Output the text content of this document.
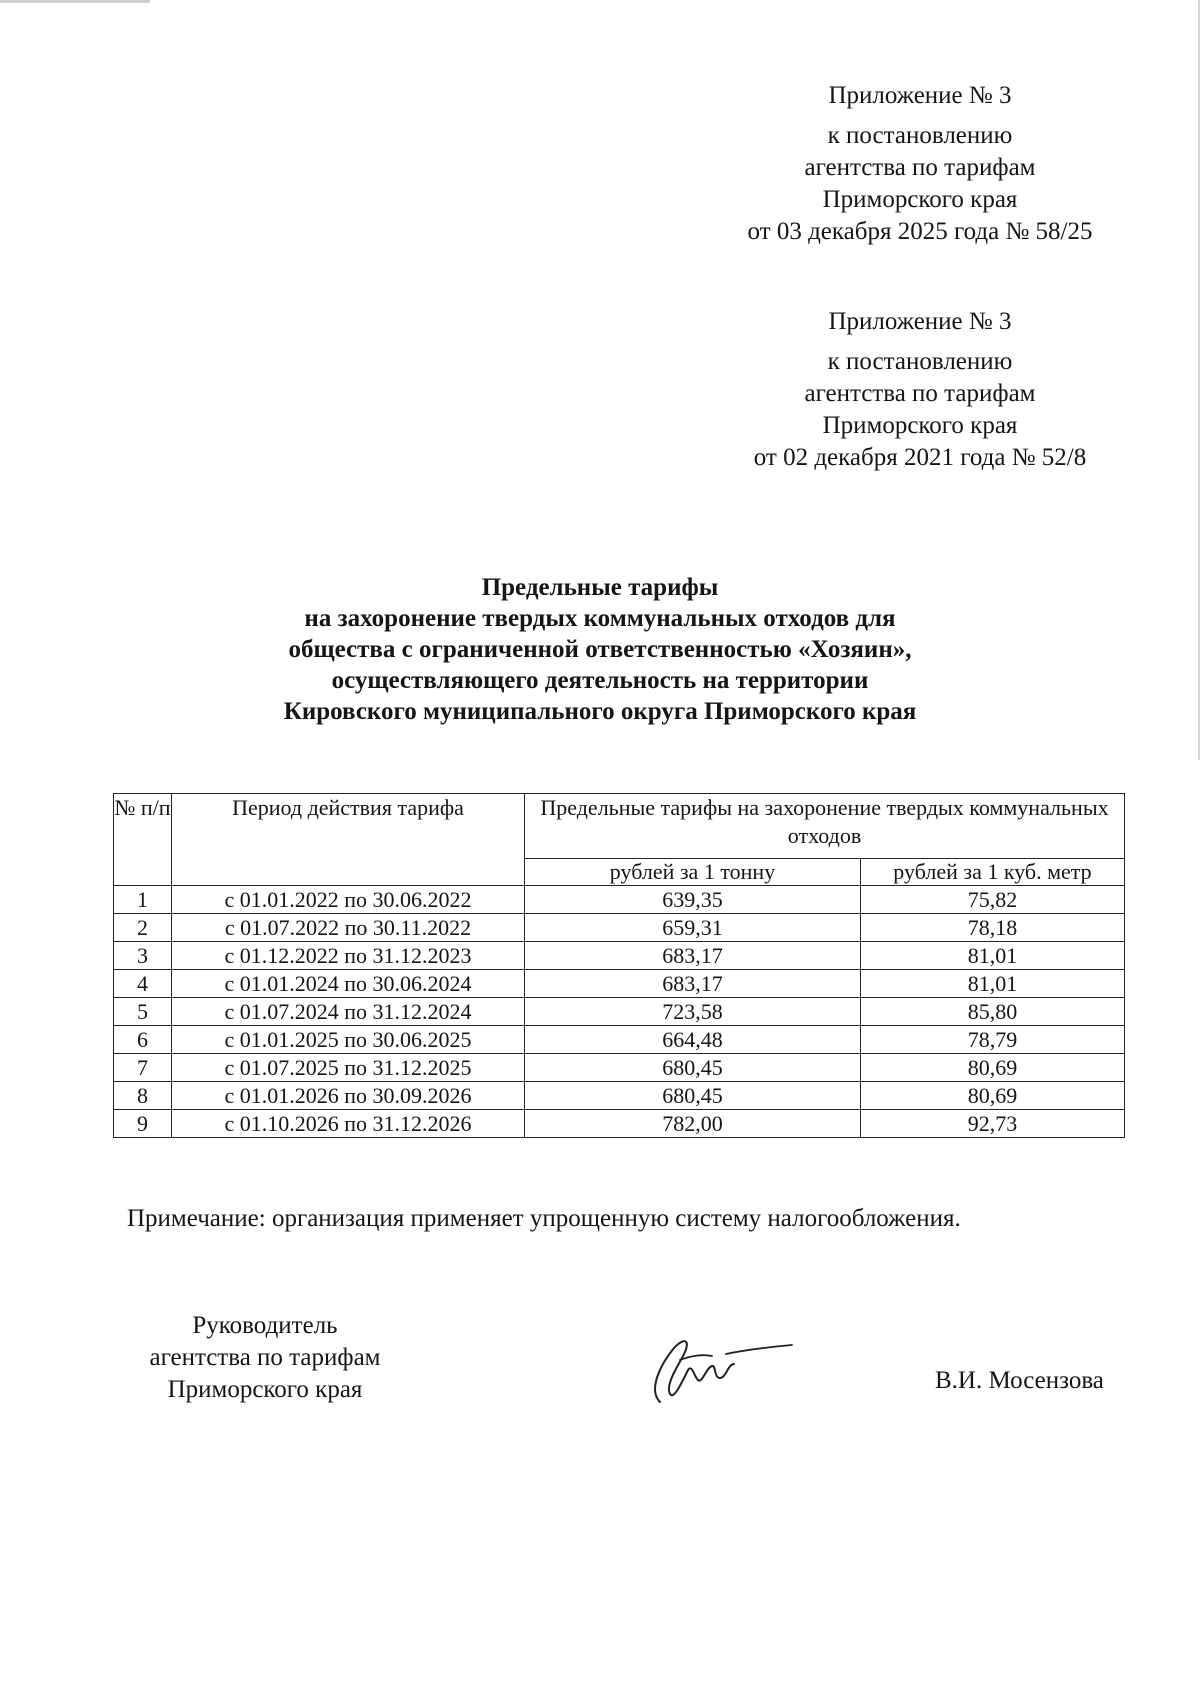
Приложение № 3
к постановлению
агентства по тарифам
Приморского края
от 03 декабря 2025 года № 58/25
Приложение № 3
к постановлению
агентства по тарифам
Приморского края
от 02 декабря 2021 года № 52/8
Предельные тарифы
на захоронение твердых коммунальных отходов для
общества с ограниченной ответственностью «Хозяин»,
осуществляющего деятельность на территории
Кировского муниципального округа Приморского края
№ п/п	Период действия тарифа	Предельные тарифы на захоронение твердых коммунальных отходов	
		рублей за 1 тонну	рублей за 1 куб. метр
1	с 01.01.2022 по 30.06.2022	639,35	75,82
2	с 01.07.2022 по 30.11.2022	659,31	78,18
3	с 01.12.2022 по 31.12.2023	683,17	81,01
4	с 01.01.2024 по 30.06.2024	683,17	81,01
5	с 01.07.2024 по 31.12.2024	723,58	85,80
6	с 01.01.2025 по 30.06.2025	664,48	78,79
7	с 01.07.2025 по 31.12.2025	680,45	80,69
8	с 01.01.2026 по 30.09.2026	680,45	80,69
9	с 01.10.2026 по 31.12.2026	782,00	92,73
Примечание: организация применяет упрощенную систему налогообложения.
Руководитель
агентства по тарифам
Приморского края	В.И. Мосензова
